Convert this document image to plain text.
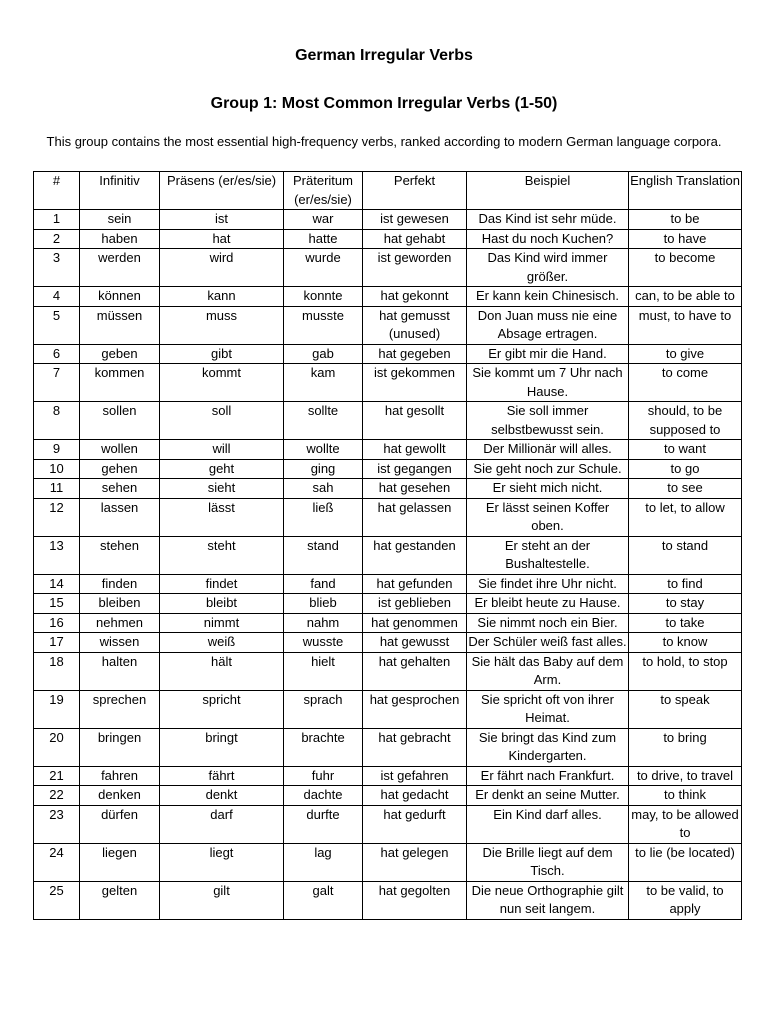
German Irregular Verbs
Group 1: Most Common Irregular Verbs (1-50)

This group contains the most essential high-frequency verbs, ranked according to modern German language corpora.

#	Infinitiv	Präsens (er/es/sie)	Präteritum (er/es/sie)	Perfekt	Beispiel	English Translation
1	sein	ist	war	ist gewesen	Das Kind ist sehr müde.	to be
2	haben	hat	hatte	hat gehabt	Hast du noch Kuchen?	to have
3	werden	wird	wurde	ist geworden	Das Kind wird immer größer.	to become
4	können	kann	konnte	hat gekonnt	Er kann kein Chinesisch.	can, to be able to
5	müssen	muss	musste	hat gemusst (unused)	Don Juan muss nie eine Absage ertragen.	must, to have to
6	geben	gibt	gab	hat gegeben	Er gibt mir die Hand.	to give
7	kommen	kommt	kam	ist gekommen	Sie kommt um 7 Uhr nach Hause.	to come
8	sollen	soll	sollte	hat gesollt	Sie soll immer selbstbewusst sein.	should, to be supposed to
9	wollen	will	wollte	hat gewollt	Der Millionär will alles.	to want
10	gehen	geht	ging	ist gegangen	Sie geht noch zur Schule.	to go
11	sehen	sieht	sah	hat gesehen	Er sieht mich nicht.	to see
12	lassen	lässt	ließ	hat gelassen	Er lässt seinen Koffer oben.	to let, to allow
13	stehen	steht	stand	hat gestanden	Er steht an der Bushaltestelle.	to stand
14	finden	findet	fand	hat gefunden	Sie findet ihre Uhr nicht.	to find
15	bleiben	bleibt	blieb	ist geblieben	Er bleibt heute zu Hause.	to stay
16	nehmen	nimmt	nahm	hat genommen	Sie nimmt noch ein Bier.	to take
17	wissen	weiß	wusste	hat gewusst	Der Schüler weiß fast alles.	to know
18	halten	hält	hielt	hat gehalten	Sie hält das Baby auf dem Arm.	to hold, to stop
19	sprechen	spricht	sprach	hat gesprochen	Sie spricht oft von ihrer Heimat.	to speak
20	bringen	bringt	brachte	hat gebracht	Sie bringt das Kind zum Kindergarten.	to bring
21	fahren	fährt	fuhr	ist gefahren	Er fährt nach Frankfurt.	to drive, to travel
22	denken	denkt	dachte	hat gedacht	Er denkt an seine Mutter.	to think
23	dürfen	darf	durfte	hat gedurft	Ein Kind darf alles.	may, to be allowed to
24	liegen	liegt	lag	hat gelegen	Die Brille liegt auf dem Tisch.	to lie (be located)
25	gelten	gilt	galt	hat gegolten	Die neue Orthographie gilt nun seit langem.	to be valid, to apply
